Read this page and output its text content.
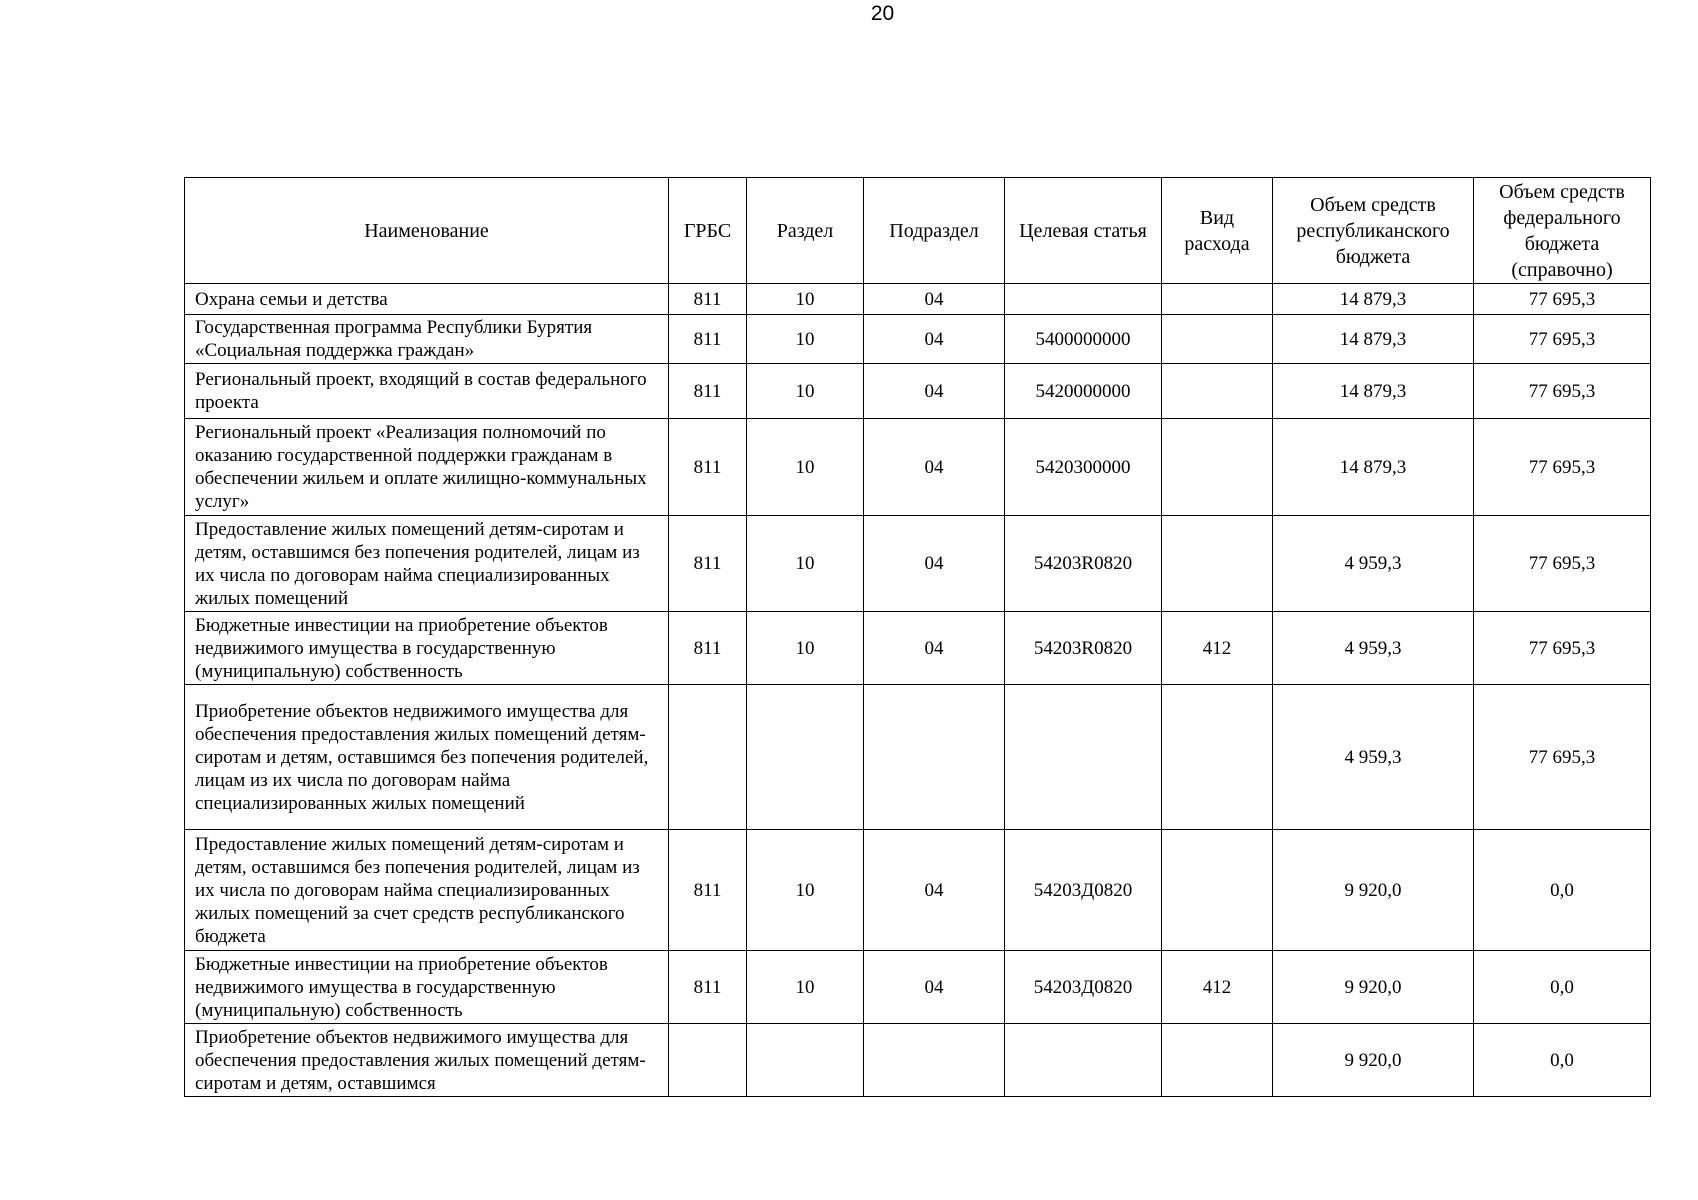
20
Наименование	ГРБС	Раздел	Подраздел	Целевая статья	Вид расхода	Объем средств республиканского бюджета	Объем средств федерального бюджета (справочно)
Охрана семьи и детства	811	10	04			14 879,3	77 695,3
Государственная программа Республики Бурятия «Социальная поддержка граждан»	811	10	04	5400000000		14 879,3	77 695,3
Региональный проект, входящий в состав федерального проекта	811	10	04	5420000000		14 879,3	77 695,3
Региональный проект «Реализация полномочий по оказанию государственной поддержки гражданам в обеспечении жильем и оплате жилищно-коммунальных услуг»	811	10	04	5420300000		14 879,3	77 695,3
Предоставление жилых помещений детям-сиротам и детям, оставшимся без попечения родителей, лицам из их числа по договорам найма специализированных жилых помещений	811	10	04	54203R0820		4 959,3	77 695,3
Бюджетные инвестиции на приобретение объектов недвижимого имущества в государственную (муниципальную) собственность	811	10	04	54203R0820	412	4 959,3	77 695,3
Приобретение объектов недвижимого имущества для обеспечения предоставления жилых помещений детям-сиротам и детям, оставшимся без попечения родителей, лицам из их числа по договорам найма специализированных жилых помещений						4 959,3	77 695,3
Предоставление жилых помещений детям-сиротам и детям, оставшимся без попечения родителей, лицам из их числа по договорам найма специализированных жилых помещений за счет средств республиканского бюджета	811	10	04	54203Д0820		9 920,0	0,0
Бюджетные инвестиции на приобретение объектов недвижимого имущества в государственную (муниципальную) собственность	811	10	04	54203Д0820	412	9 920,0	0,0
Приобретение объектов недвижимого имущества для обеспечения предоставления жилых помещений детям-сиротам и детям, оставшимся						9 920,0	0,0
